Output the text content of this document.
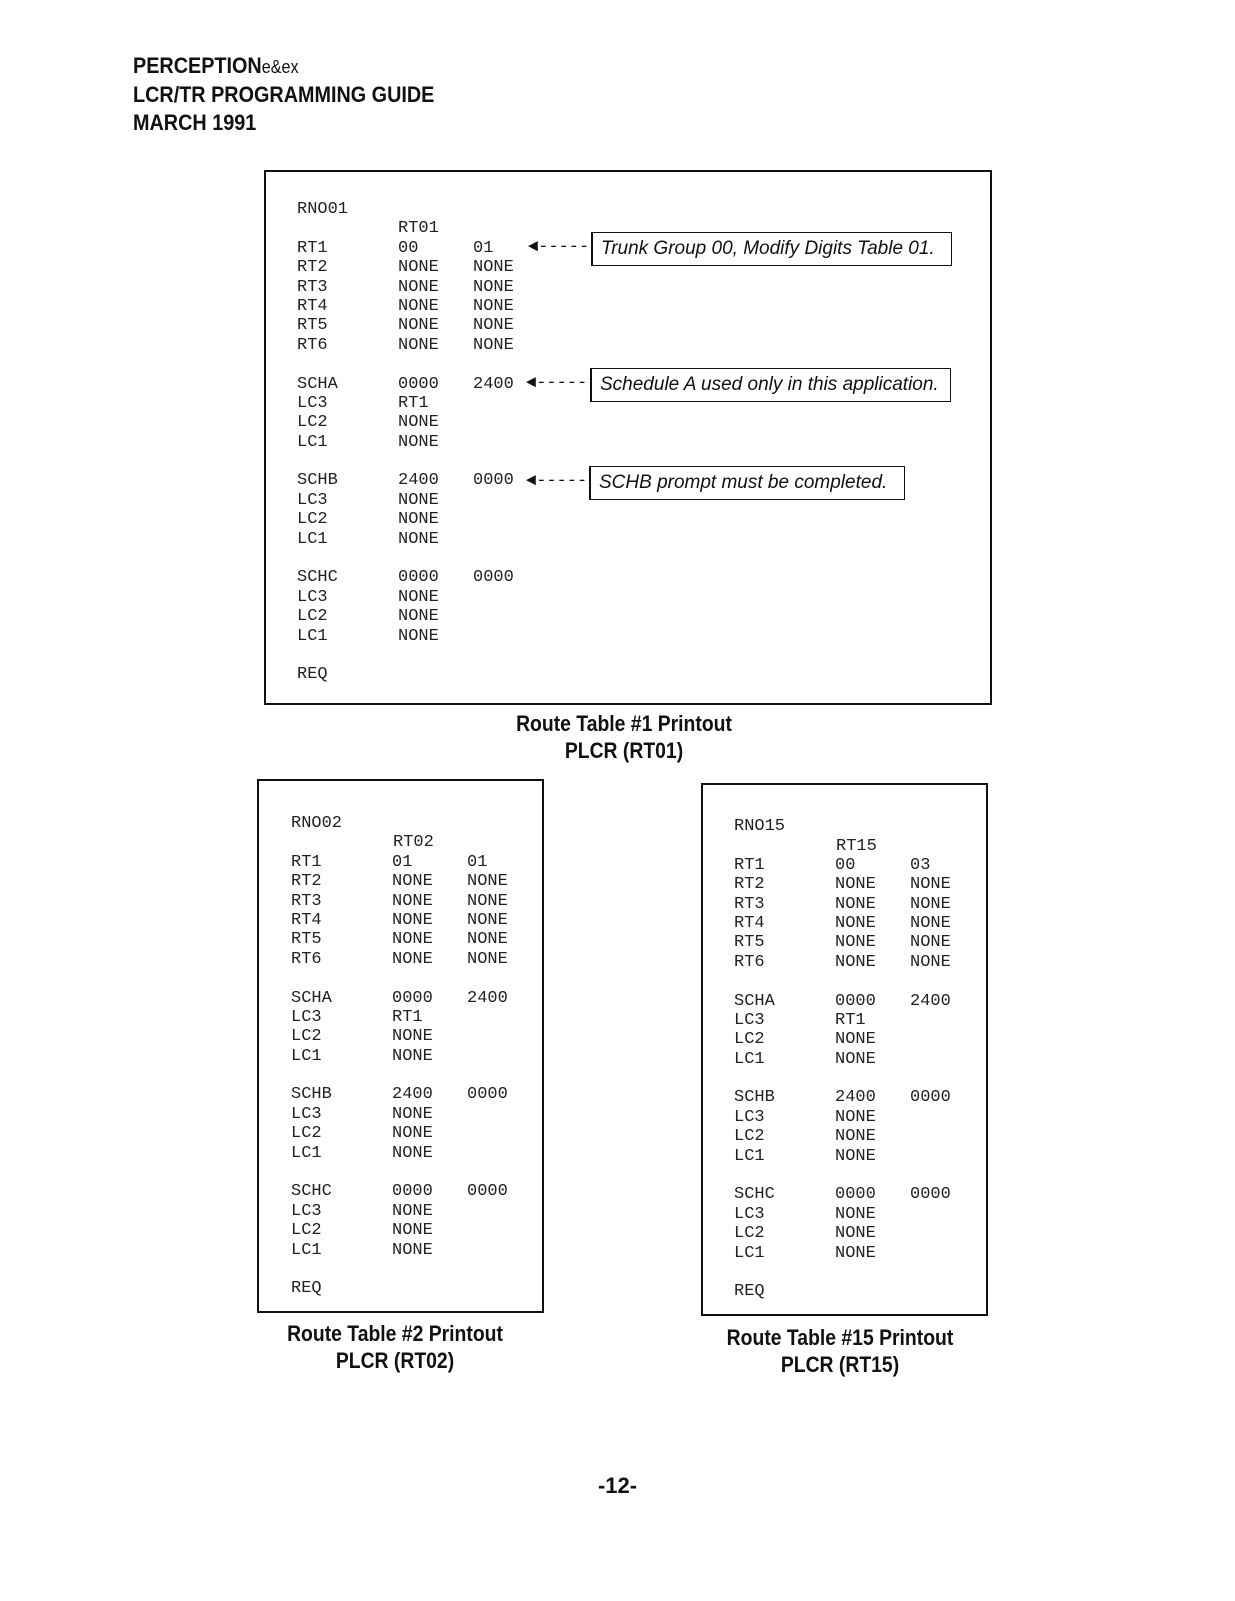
PERCEPTIONe&ex
LCR/TR PROGRAMMING GUIDE
MARCH 1991

RT01

RNO01
RT1	00	01
RT2	NONE NONE
RT3	NONE NONE
RT4	NONE NONE
RT5	NONE NONE
RT6	NONE NONE
SCHA	0000 2400
LC3	RT1
LC2	NONE
LC1	NONE
SCHB	2400 0000
LC3	NONE
LC2	NONE
LC1	NONE
SCHC	0000 0000
LC3	NONE
LC2	NONE
LC1	NONE
REQ
◄----- Trunk Group 00, Modify Digits Table 01.
◄----- Schedule A used only in this application.
◄----- SCHB prompt must be completed.
Route Table #1 Printout
PLCR (RT01)

RT02

RNO02
RT1	01	01
RT2	NONE NONE
RT3	NONE NONE
RT4	NONE NONE
RT5	NONE NONE
RT6	NONE NONE
SCHA	0000 2400
LC3	RT1
LC2	NONE
LC1	NONE
SCHB	2400 0000
LC3	NONE
LC2	NONE
LC1	NONE
SCHC	0000 0000
LC3	NONE
LC2	NONE
LC1	NONE
REQ
Route Table #2 Printout
PLCR (RT02)

RT15

RNO15
RT1	00	03
RT2	NONE NONE
RT3	NONE NONE
RT4	NONE NONE
RT5	NONE NONE
RT6	NONE NONE
SCHA	0000 2400
LC3	RT1
LC2	NONE
LC1	NONE
SCHB	2400 0000
LC3	NONE
LC2	NONE
LC1	NONE
SCHC	0000 0000
LC3	NONE
LC2	NONE
LC1	NONE
REQ
Route Table #15 Printout
PLCR (RT15)
-12-
